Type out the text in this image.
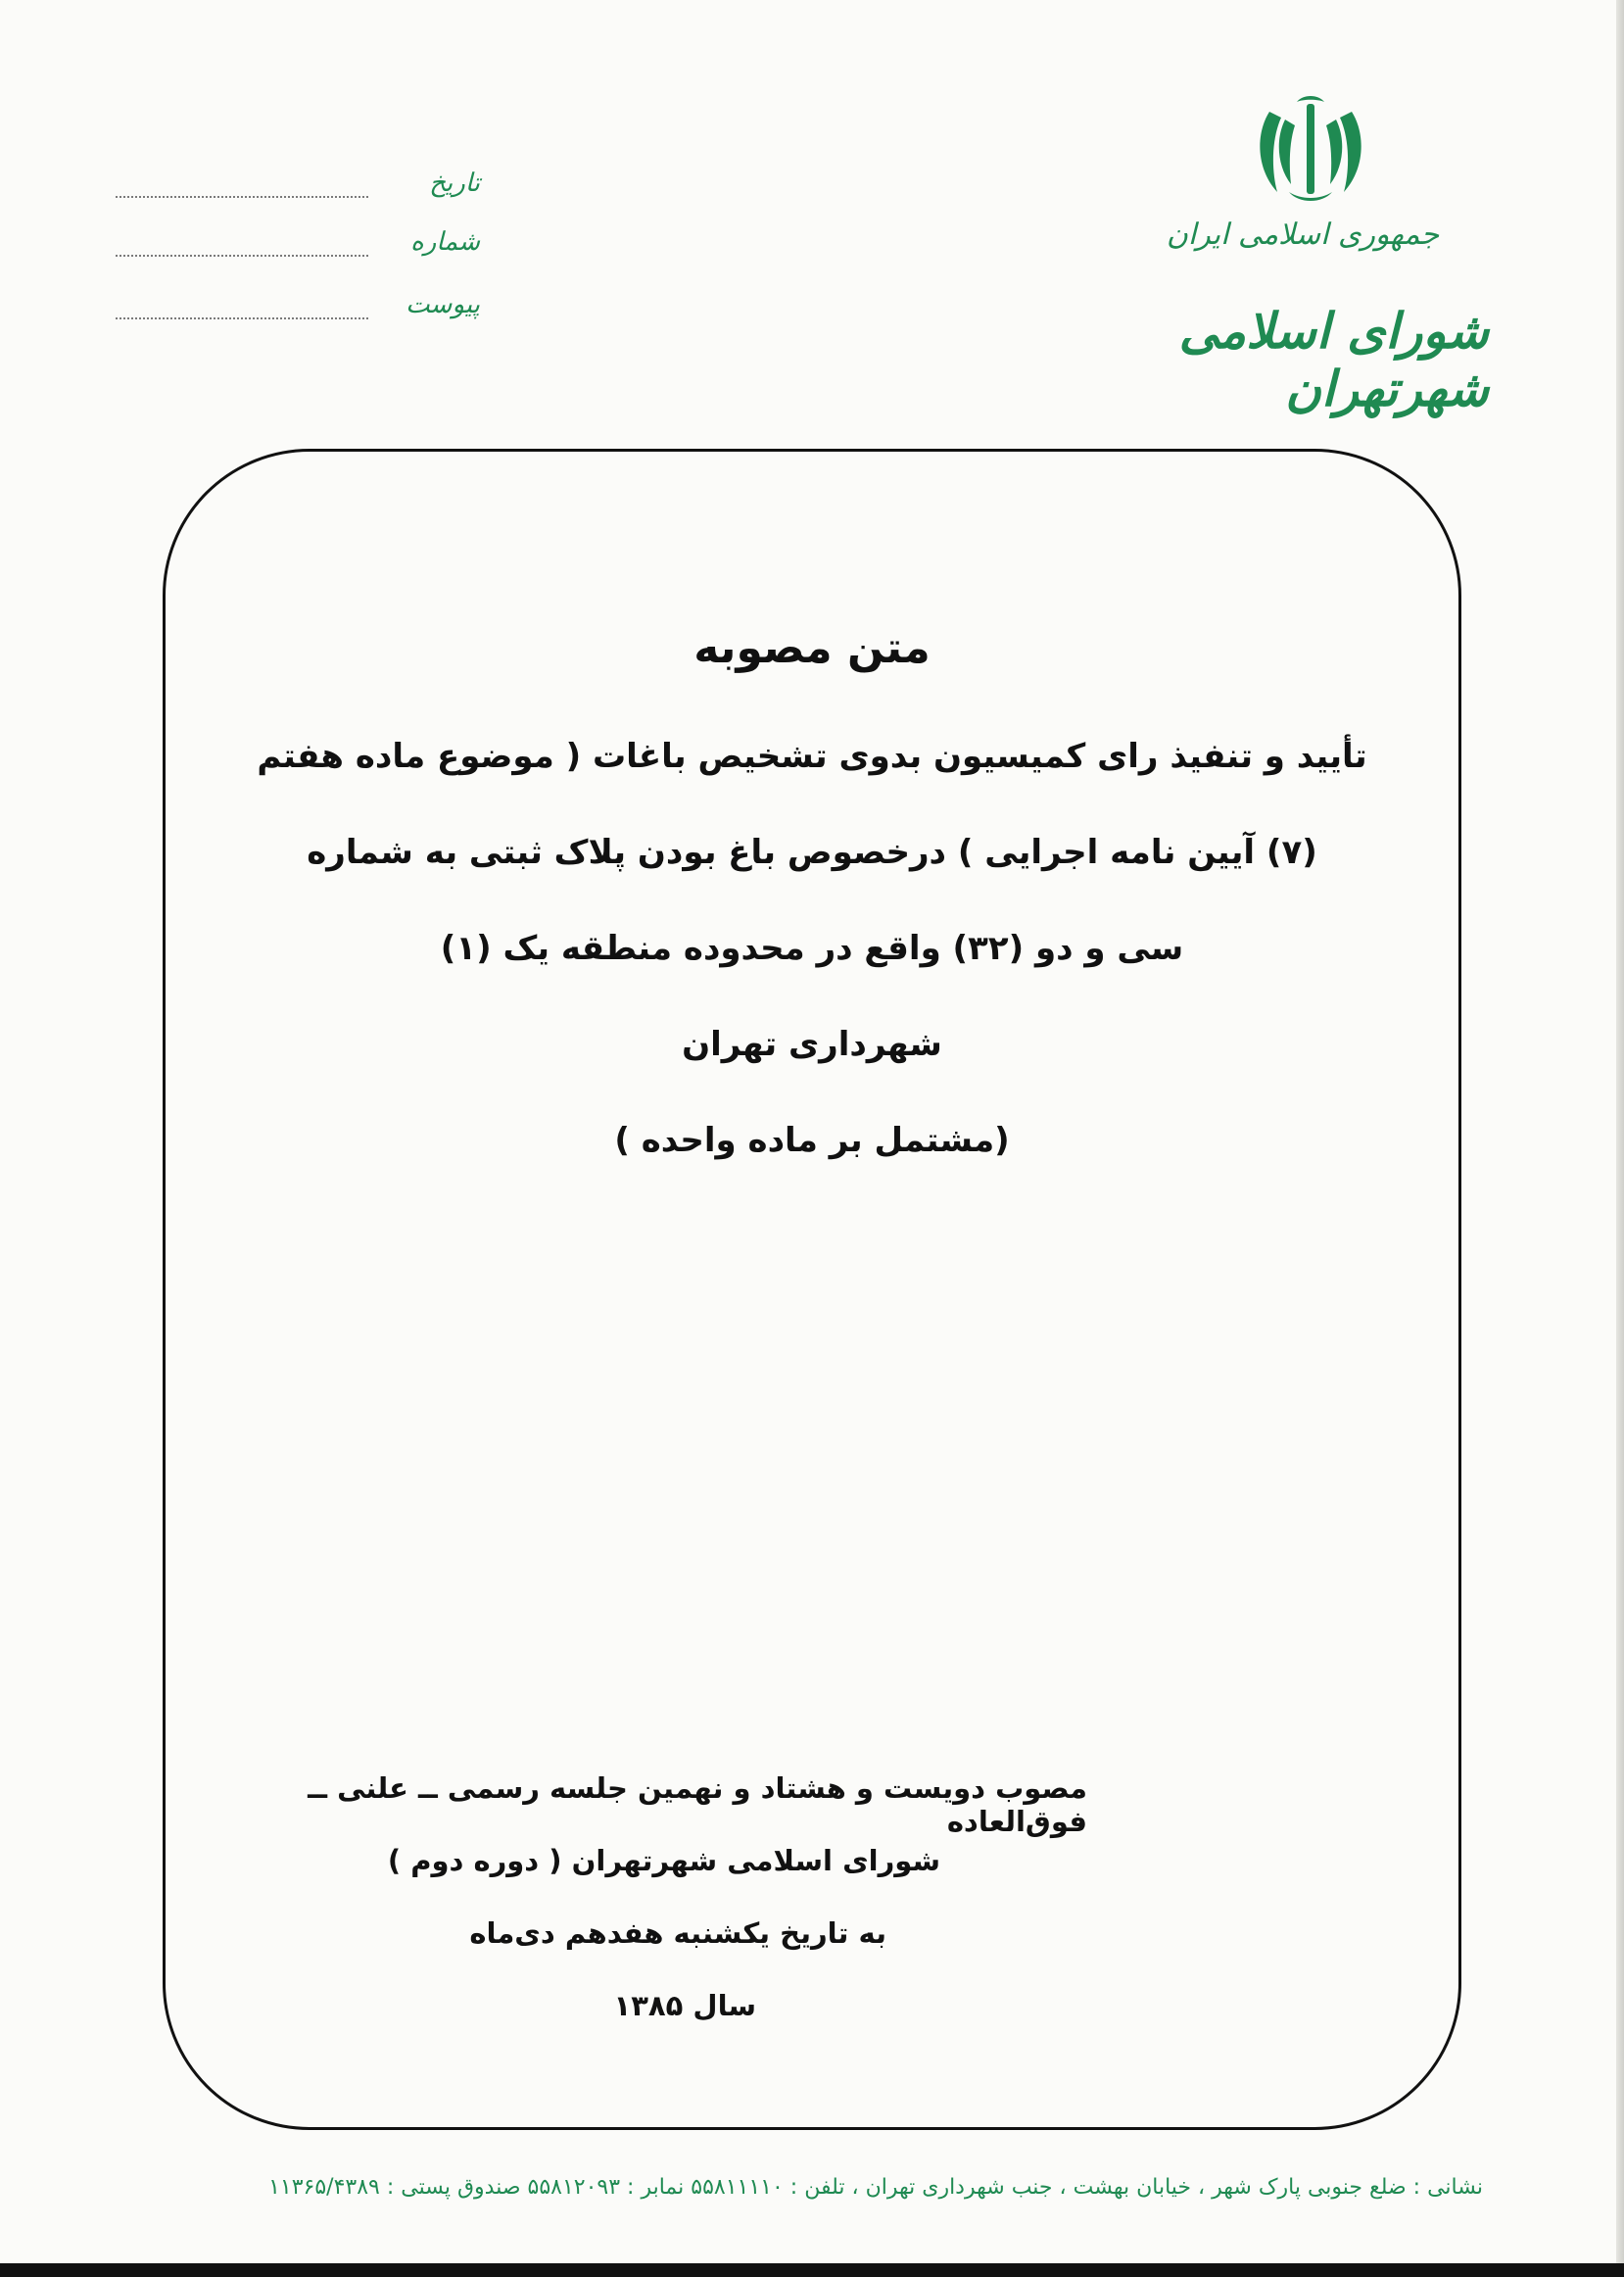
جمهوری اسلامی ایران
شورای اسلامی شهرتهران
تاریخ
شماره
پیوست
متن مصوبه
تأیید و تنفیذ رای کمیسیون بدوی تشخیص باغات ( موضوع ماده هفتم
(۷) آیین نامه اجرایی ) درخصوص باغ بودن پلاک ثبتی به شماره
سی و دو (۳۲) واقع در محدوده منطقه یک (۱)
شهرداری تهران
(مشتمل بر ماده واحده )
مصوب دویست و هشتاد و نهمین جلسه رسمی ــ علنی ــ فوق‌العاده
شورای اسلامی شهرتهران ( دوره دوم )
به تاریخ یکشنبه هفدهم دی‌ماه
سال ۱۳۸۵
نشانی : ضلع جنوبی پارک شهر ، خیابان بهشت ، جنب شهرداری تهران ، تلفن : ۵۵۸۱۱۱۱۰ نمابر : ۵۵۸۱۲۰۹۳ صندوق پستی : ۱۱۳۶۵/۴۳۸۹
